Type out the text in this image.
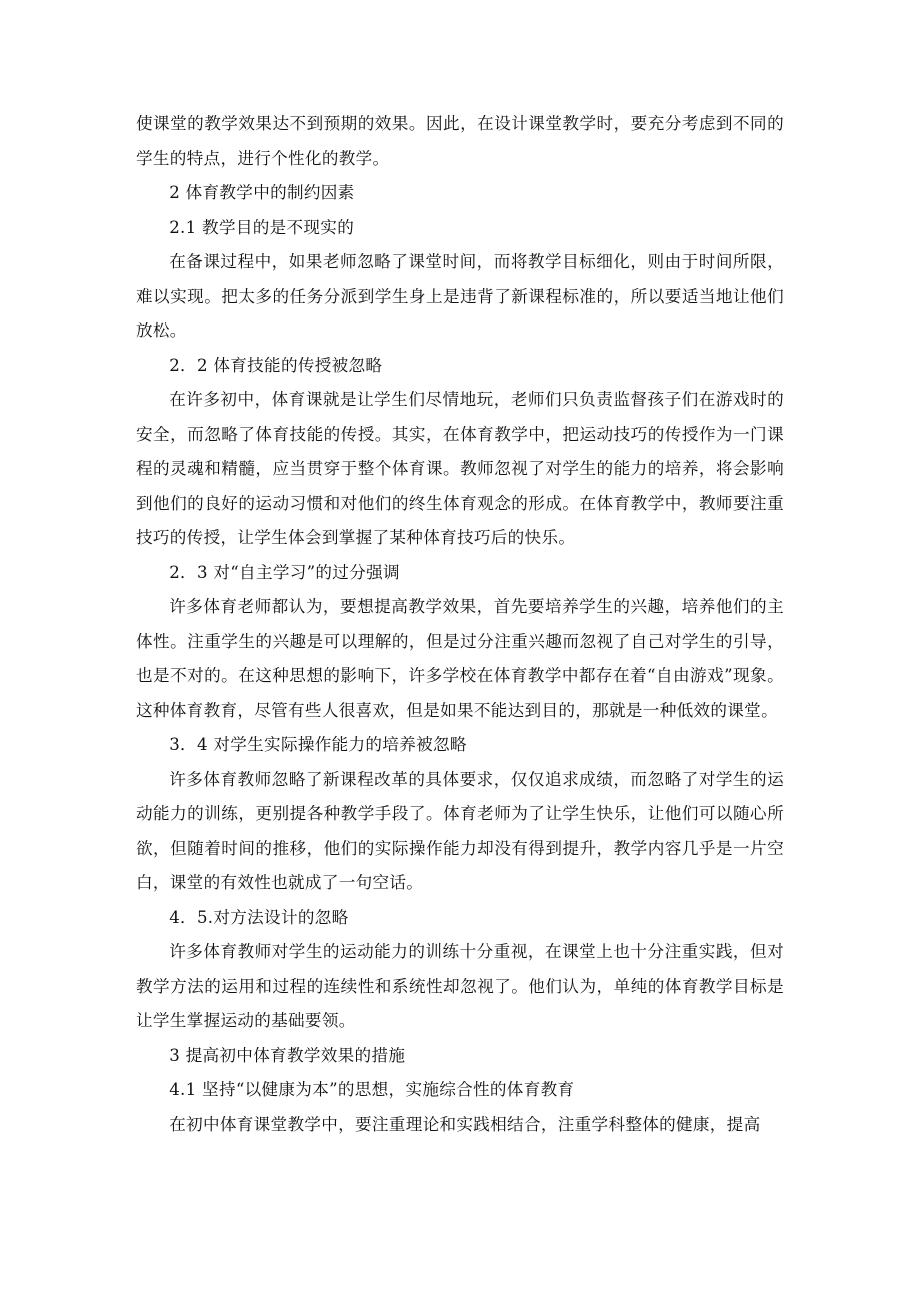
使课堂的教学效果达不到预期的效果。因此，在设计课堂教学时，要充分考虑到不同的学生的特点，进行个性化的教学。

2 体育教学中的制约因素

2.1 教学目的是不现实的

在备课过程中，如果老师忽略了课堂时间，而将教学目标细化，则由于时间所限，难以实现。把太多的任务分派到学生身上是违背了新课程标准的，所以要适当地让他们放松。

2．2 体育技能的传授被忽略

在许多初中，体育课就是让学生们尽情地玩，老师们只负责监督孩子们在游戏时的安全，而忽略了体育技能的传授。其实，在体育教学中，把运动技巧的传授作为一门课程的灵魂和精髓，应当贯穿于整个体育课。教师忽视了对学生的能力的培养，将会影响到他们的良好的运动习惯和对他们的终生体育观念的形成。在体育教学中，教师要注重技巧的传授，让学生体会到掌握了某种体育技巧后的快乐。

2．3 对“自主学习”的过分强调

许多体育老师都认为，要想提高教学效果，首先要培养学生的兴趣，培养他们的主体性。注重学生的兴趣是可以理解的，但是过分注重兴趣而忽视了自己对学生的引导，也是不对的。在这种思想的影响下，许多学校在体育教学中都存在着“自由游戏”现象。这种体育教育，尽管有些人很喜欢，但是如果不能达到目的，那就是一种低效的课堂。

3．4 对学生实际操作能力的培养被忽略

许多体育教师忽略了新课程改革的具体要求，仅仅追求成绩，而忽略了对学生的运动能力的训练，更别提各种教学手段了。体育老师为了让学生快乐，让他们可以随心所欲，但随着时间的推移，他们的实际操作能力却没有得到提升，教学内容几乎是一片空白，课堂的有效性也就成了一句空话。

4．5.对方法设计的忽略

许多体育教师对学生的运动能力的训练十分重视，在课堂上也十分注重实践，但对教学方法的运用和过程的连续性和系统性却忽视了。他们认为，单纯的体育教学目标是让学生掌握运动的基础要领。

3 提高初中体育教学效果的措施

4.1 坚持“以健康为本”的思想，实施综合性的体育教育

在初中体育课堂教学中，要注重理论和实践相结合，注重学科整体的健康，提高
